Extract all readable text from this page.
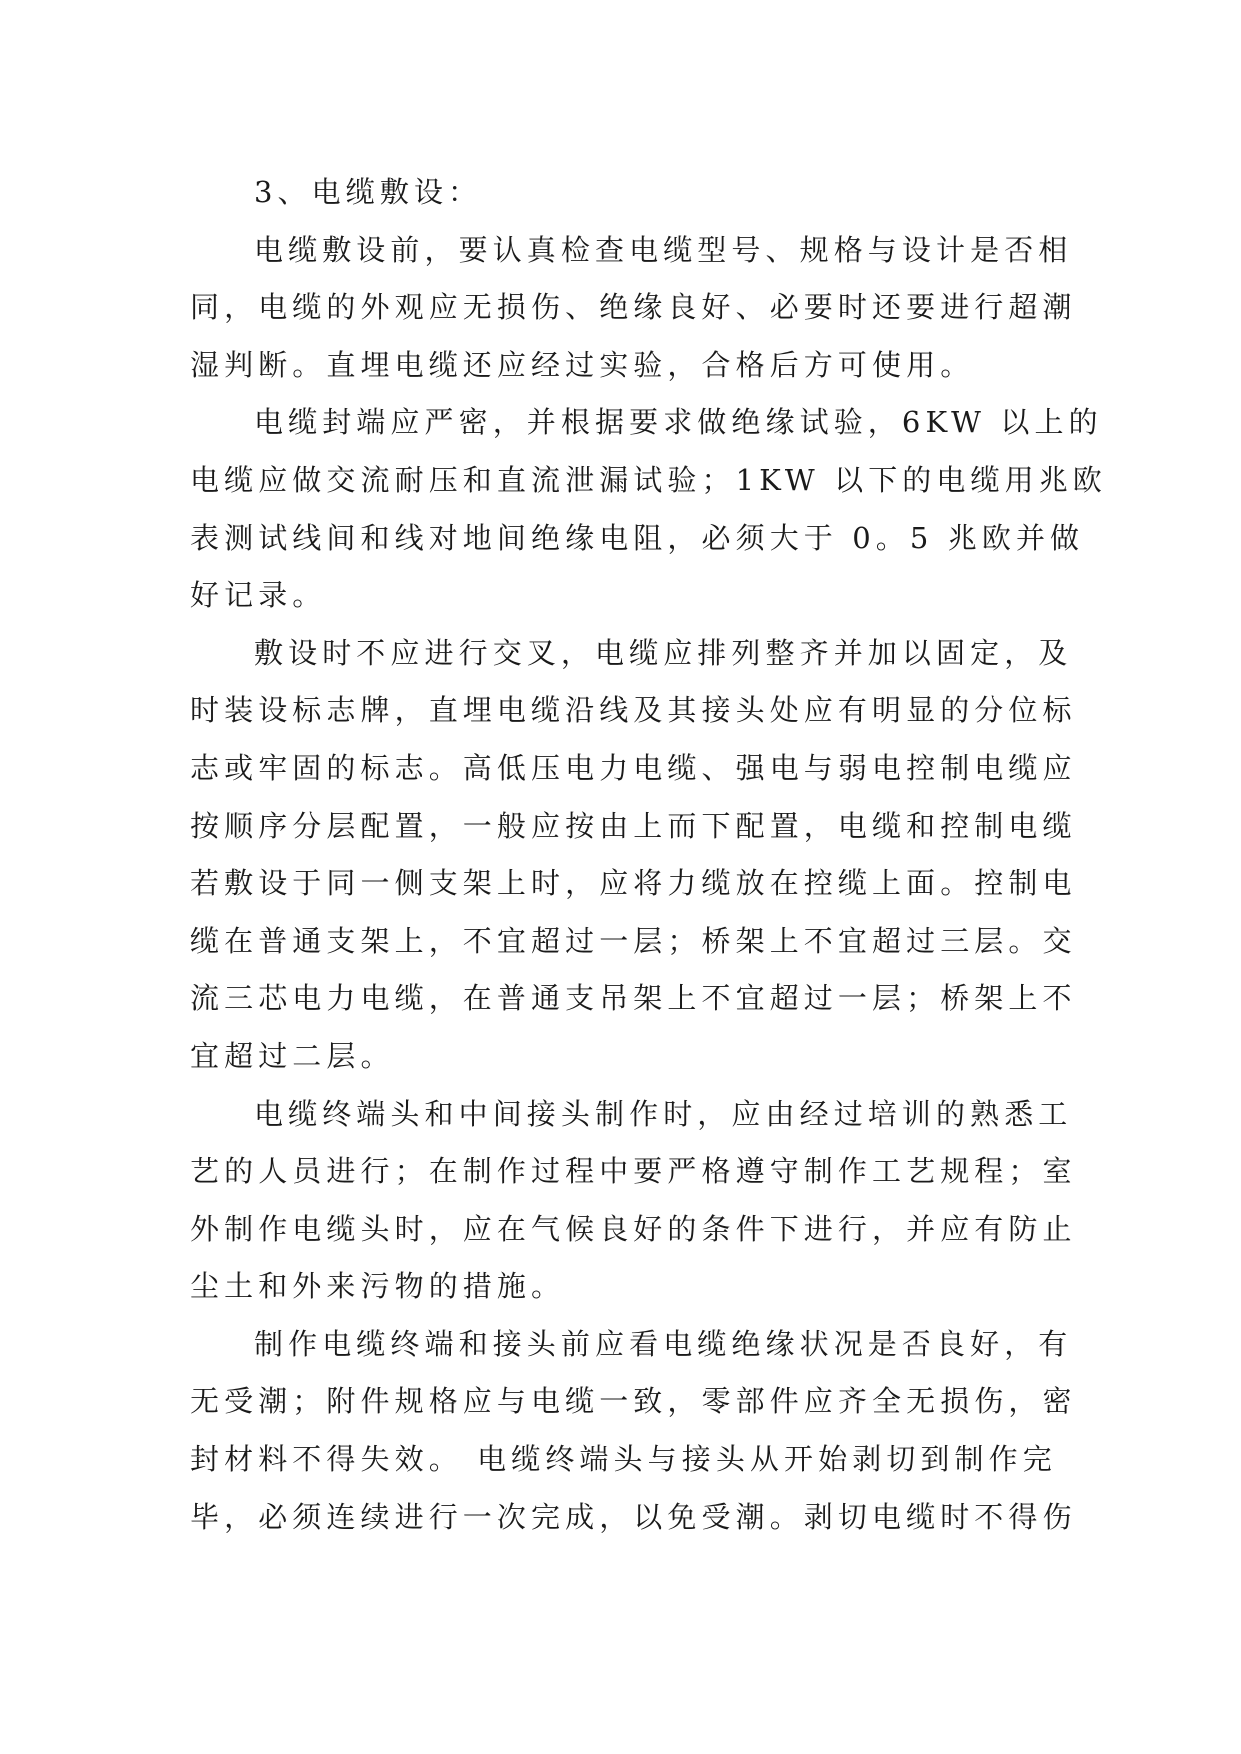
3、电缆敷设：
电缆敷设前，要认真检查电缆型号、规格与设计是否相
同，电缆的外观应无损伤、绝缘良好、必要时还要进行超潮
湿判断。直埋电缆还应经过实验，合格后方可使用。
电缆封端应严密，并根据要求做绝缘试验，6KW 以上的
电缆应做交流耐压和直流泄漏试验；1KW 以下的电缆用兆欧
表测试线间和线对地间绝缘电阻，必须大于 0。5 兆欧并做
好记录。
敷设时不应进行交叉，电缆应排列整齐并加以固定，及
时装设标志牌，直埋电缆沿线及其接头处应有明显的分位标
志或牢固的标志。高低压电力电缆、强电与弱电控制电缆应
按顺序分层配置，一般应按由上而下配置，电缆和控制电缆
若敷设于同一侧支架上时，应将力缆放在控缆上面。控制电
缆在普通支架上，不宜超过一层；桥架上不宜超过三层。交
流三芯电力电缆，在普通支吊架上不宜超过一层；桥架上不
宜超过二层。
电缆终端头和中间接头制作时，应由经过培训的熟悉工
艺的人员进行；在制作过程中要严格遵守制作工艺规程；室
外制作电缆头时，应在气候良好的条件下进行，并应有防止
尘土和外来污物的措施。
制作电缆终端和接头前应看电缆绝缘状况是否良好，有
无受潮；附件规格应与电缆一致，零部件应齐全无损伤，密
封材料不得失效。 电缆终端头与接头从开始剥切到制作完
毕，必须连续进行一次完成，以免受潮。剥切电缆时不得伤
